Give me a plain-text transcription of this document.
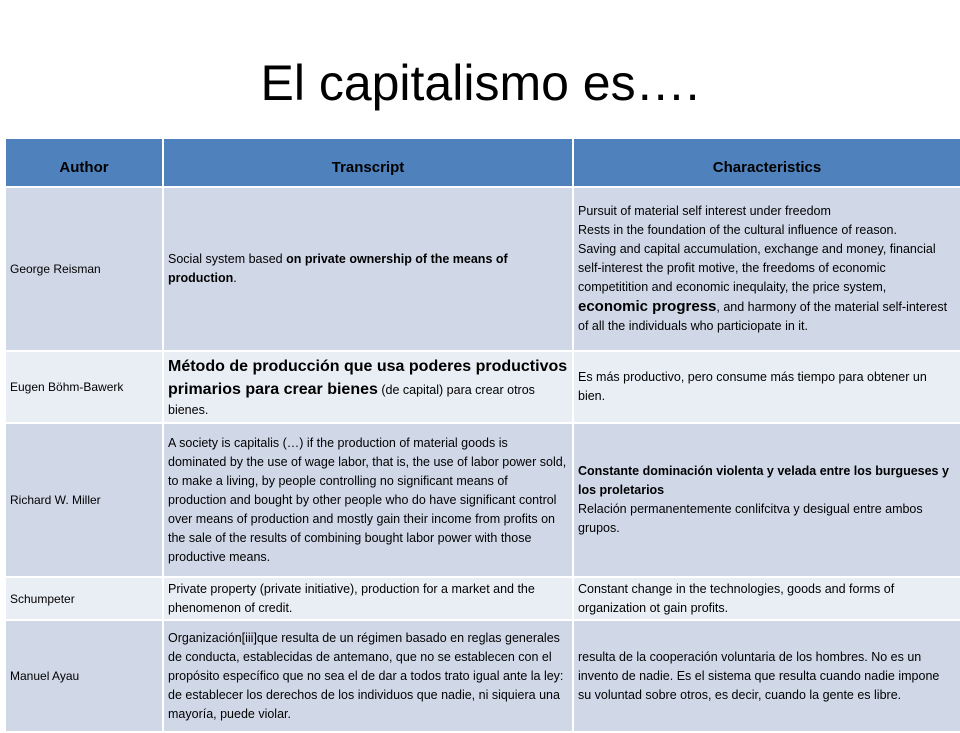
El capitalismo es….
Author	Transcript	Characteristics
George Reisman	Social system based on private ownership of the means of production.	Pursuit of material self interest under freedom
Rests in the foundation of the cultural influence of reason.
Saving and capital accumulation, exchange and money, financial self-interest the profit motive, the freedoms of economic competitition and economic inequlaity, the price system, economic progress, and harmony of the material self-interest of all the individuals who particiopate in it.
Eugen Böhm-Bawerk	Método de producción que usa poderes productivos primarios para crear bienes (de capital) para crear otros bienes.	Es más productivo, pero consume más tiempo para obtener un bien.
Richard W. Miller	A society is capitalis (…) if the production of material goods is dominated by the use of wage labor, that is, the use of labor power sold, to make a living, by people controlling no significant means of production and bought by other people who do have significant control over means of production and mostly gain their income from profits on the sale of the results of combining bought labor power with those productive means.	Constante dominación violenta y velada entre los burgueses y los proletarios
Relación permanentemente conlifcitva y desigual entre ambos grupos.

Schumpeter	Private property (private initiative), production for a market and the phenomenon of credit.	Constant change in the technologies, goods and forms of organization ot gain profits.
Manuel Ayau	Organización[iii]que resulta de un régimen basado en reglas generales de conducta, establecidas de antemano, que no se establecen con el propósito específico que no sea el de dar a todos trato igual ante la ley: de establecer los derechos de los individuos que nadie, ni siquiera una mayoría, puede violar.	resulta de la cooperación voluntaria de los hombres. No es un invento de nadie. Es el sistema que resulta cuando nadie impone su voluntad sobre otros, es decir, cuando la gente es libre.
